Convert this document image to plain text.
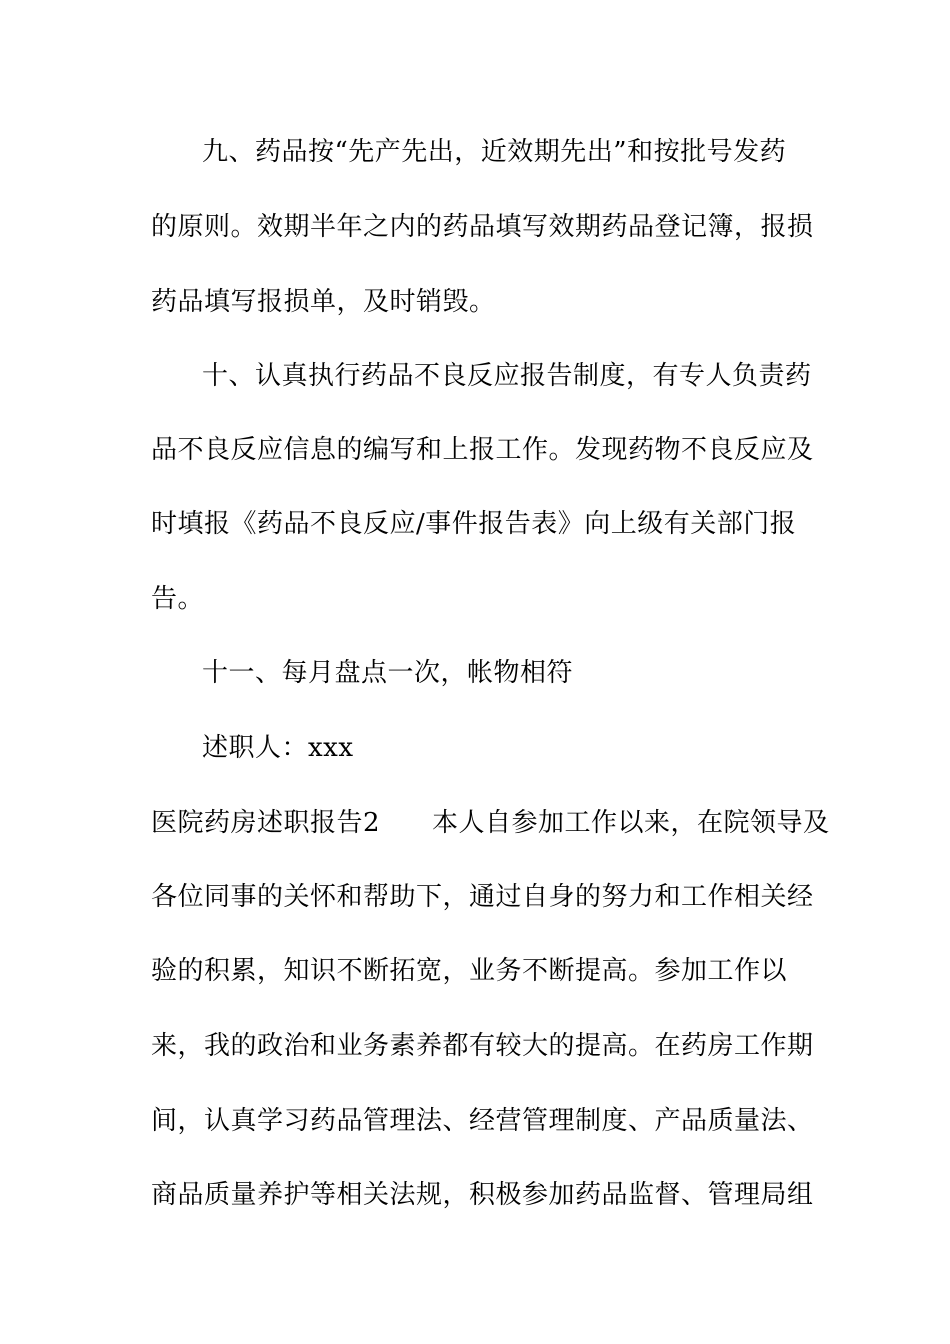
九、药品按“先产先出，近效期先出”和按批号发药
的原则。效期半年之内的药品填写效期药品登记簿，报损
药品填写报损单，及时销毁。
十、认真执行药品不良反应报告制度，有专人负责药
品不良反应信息的编写和上报工作。发现药物不良反应及
时填报《药品不良反应/事件报告表》向上级有关部门报
告。
十一、每月盘点一次，帐物相符
述职人：xxx
医院药房述职报告2 本人自参加工作以来，在院领导及
各位同事的关怀和帮助下，通过自身的努力和工作相关经
验的积累，知识不断拓宽，业务不断提高。参加工作以
来，我的政治和业务素养都有较大的提高。在药房工作期
间，认真学习药品管理法、经营管理制度、产品质量法、
商品质量养护等相关法规，积极参加药品监督、管理局组
